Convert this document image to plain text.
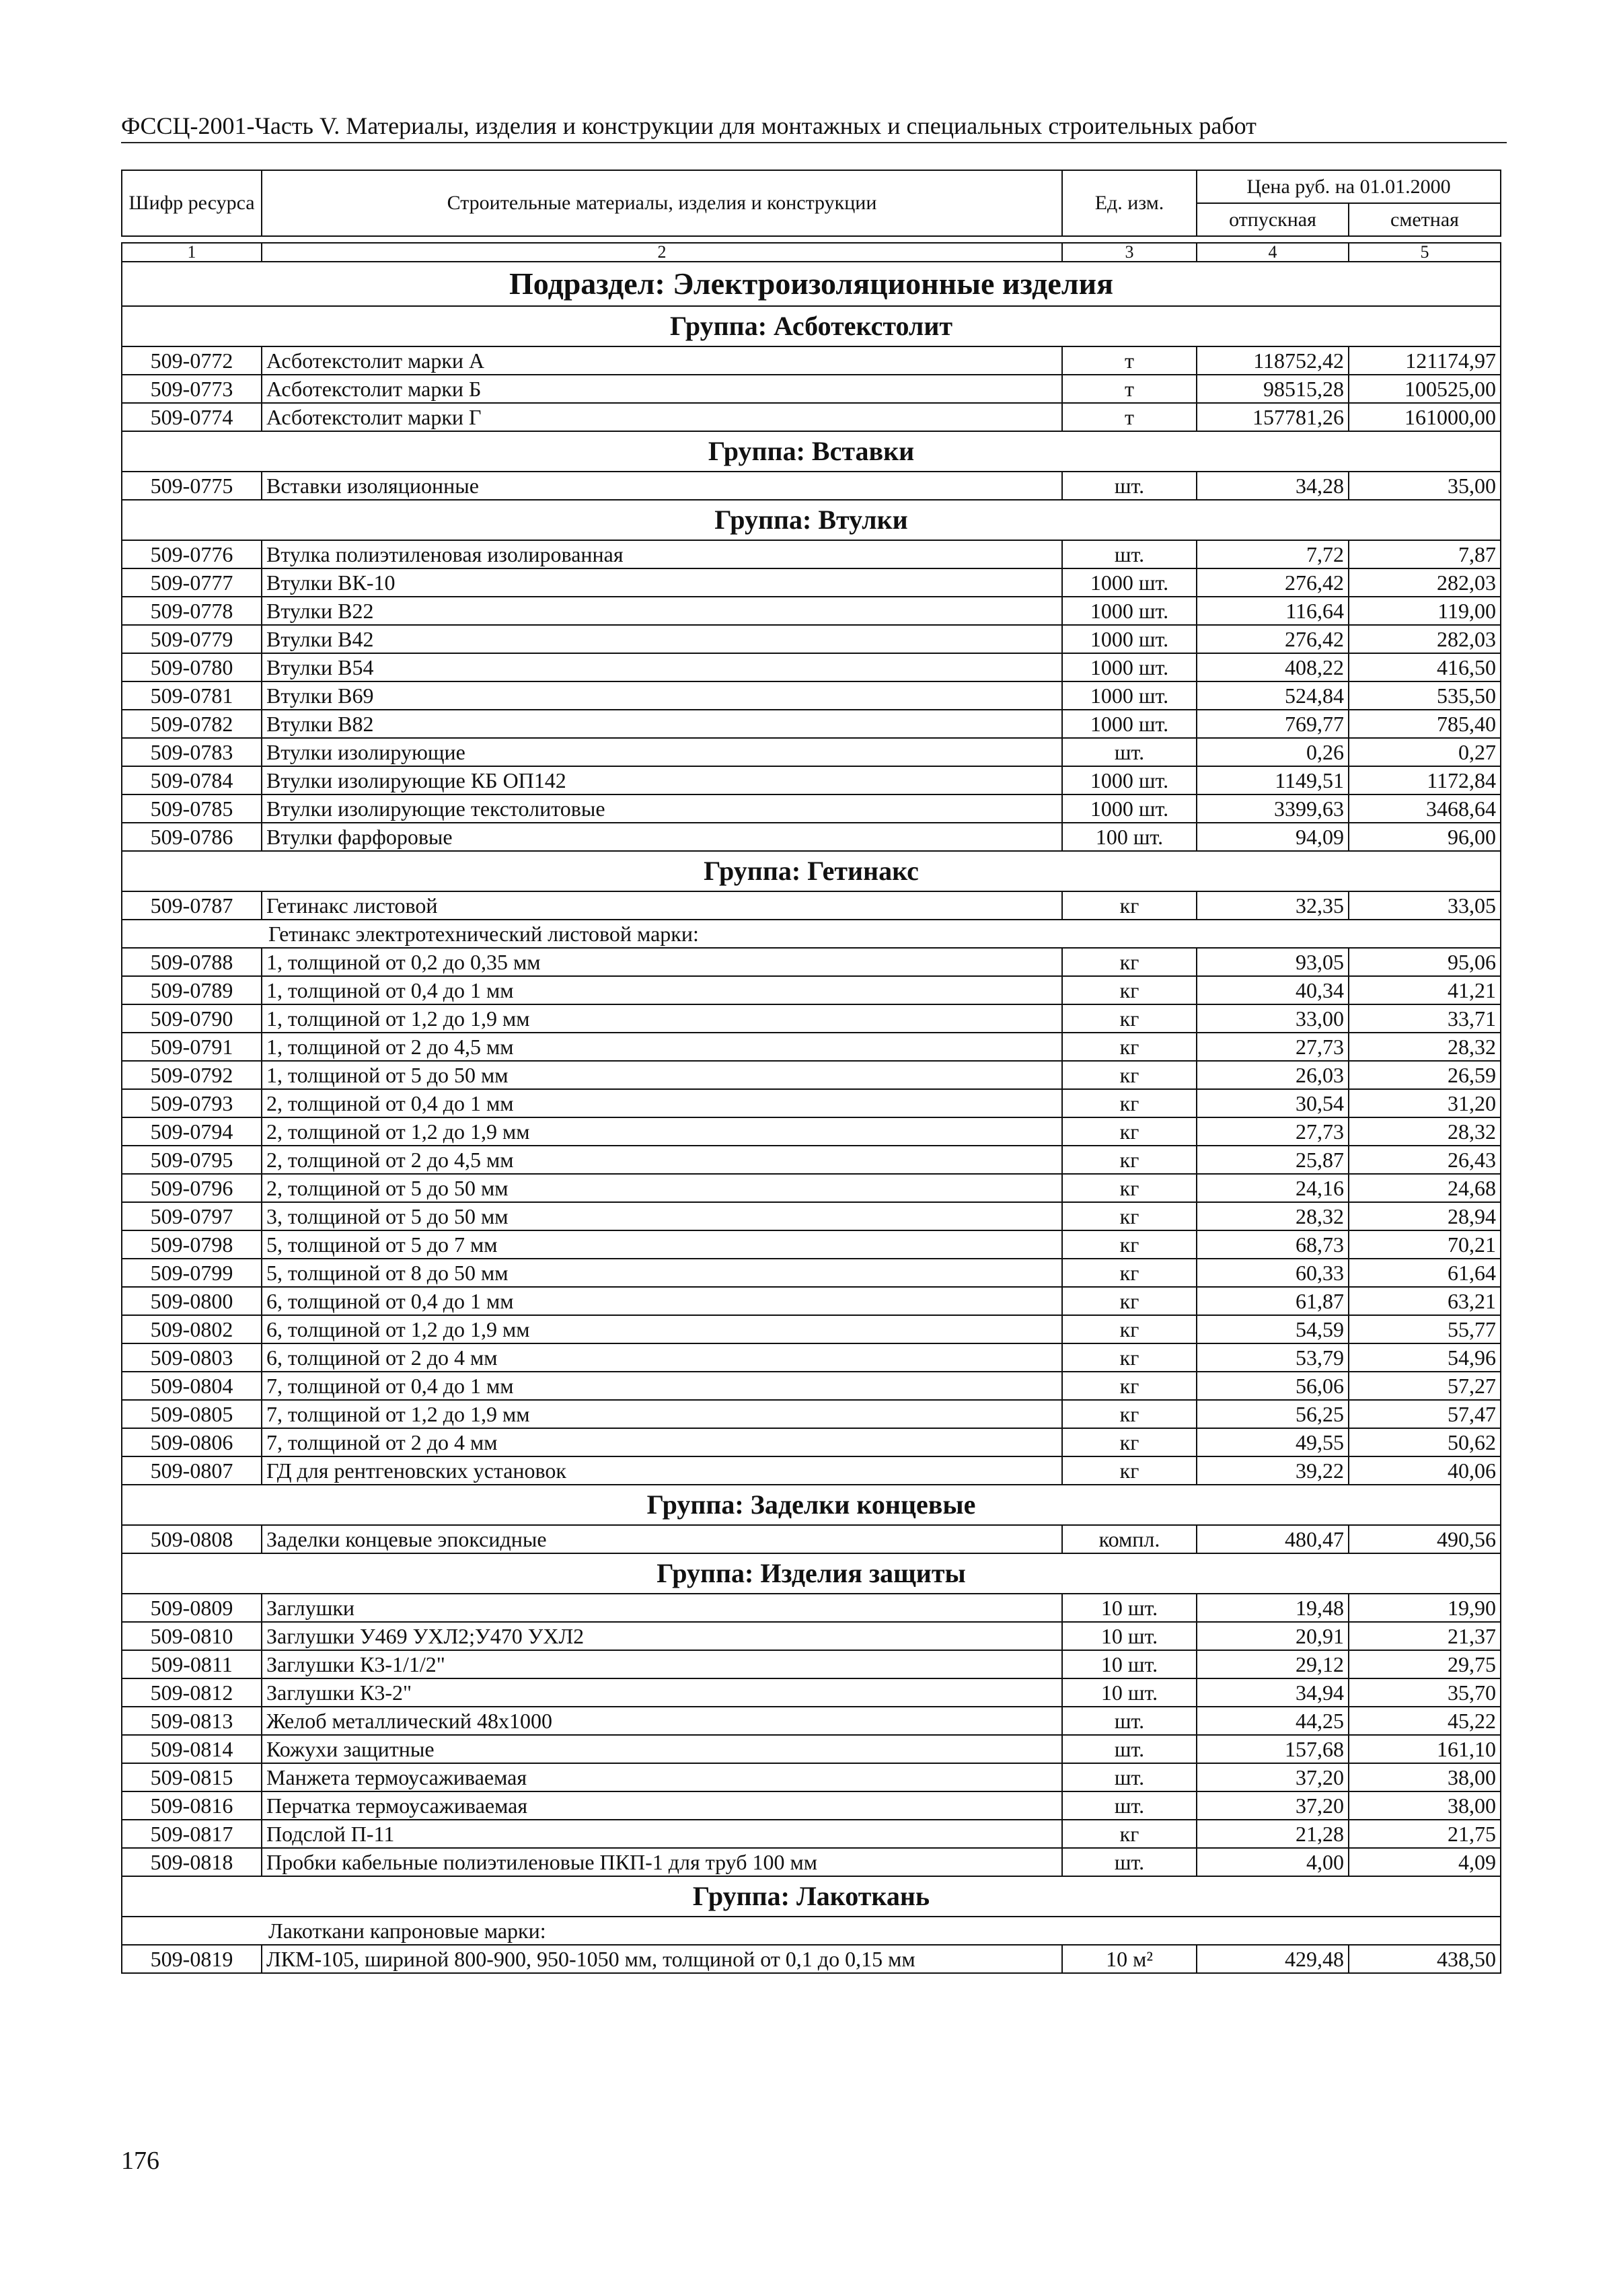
ФССЦ-2001-Часть V. Материалы, изделия и конструкции для монтажных и специальных строительных работ
Шифр ресурса	Строительные материалы, изделия и конструкции	Ед. изм.	Цена руб. на 01.01.2000	
			отпускная	сметная

1	2	3	4	5
Подраздел: Электроизоляционные изделия				
Группа: Асботекстолит				
509-0772	Асботекстолит марки А	т	118752,42	121174,97
509-0773	Асботекстолит марки Б	т	98515,28	100525,00
509-0774	Асботекстолит марки Г	т	157781,26	161000,00
Группа: Вставки				
509-0775	Вставки изоляционные	шт.	34,28	35,00
Группа: Втулки				
509-0776	Втулка полиэтиленовая изолированная	шт.	7,72	7,87
509-0777	Втулки ВК-10	1000 шт.	276,42	282,03
509-0778	Втулки В22	1000 шт.	116,64	119,00
509-0779	Втулки В42	1000 шт.	276,42	282,03
509-0780	Втулки В54	1000 шт.	408,22	416,50
509-0781	Втулки В69	1000 шт.	524,84	535,50
509-0782	Втулки В82	1000 шт.	769,77	785,40
509-0783	Втулки изолирующие	шт.	0,26	0,27
509-0784	Втулки изолирующие КБ ОП142	1000 шт.	1149,51	1172,84
509-0785	Втулки изолирующие текстолитовые	1000 шт.	3399,63	3468,64
509-0786	Втулки фарфоровые	100 шт.	94,09	96,00
Группа: Гетинакс				
509-0787	Гетинакс листовой	кг	32,35	33,05
	Гетинакс электротехнический листовой марки:			
509-0788	1, толщиной от 0,2 до 0,35 мм	кг	93,05	95,06
509-0789	1, толщиной от 0,4 до 1 мм	кг	40,34	41,21
509-0790	1, толщиной от 1,2 до 1,9 мм	кг	33,00	33,71
509-0791	1, толщиной от 2 до 4,5 мм	кг	27,73	28,32
509-0792	1, толщиной от 5 до 50 мм	кг	26,03	26,59
509-0793	2, толщиной от 0,4 до 1 мм	кг	30,54	31,20
509-0794	2, толщиной от 1,2 до 1,9 мм	кг	27,73	28,32
509-0795	2, толщиной от 2 до 4,5 мм	кг	25,87	26,43
509-0796	2, толщиной от 5 до 50 мм	кг	24,16	24,68
509-0797	3, толщиной от 5 до 50 мм	кг	28,32	28,94
509-0798	5, толщиной от 5 до 7 мм	кг	68,73	70,21
509-0799	5, толщиной от 8 до 50 мм	кг	60,33	61,64
509-0800	6, толщиной от 0,4 до 1 мм	кг	61,87	63,21
509-0802	6, толщиной от 1,2 до 1,9 мм	кг	54,59	55,77
509-0803	6, толщиной от 2 до 4 мм	кг	53,79	54,96
509-0804	7, толщиной от 0,4 до 1 мм	кг	56,06	57,27
509-0805	7, толщиной от 1,2 до 1,9 мм	кг	56,25	57,47
509-0806	7, толщиной от 2 до 4 мм	кг	49,55	50,62
509-0807	ГД для рентгеновских установок	кг	39,22	40,06
Группа: Заделки концевые				
509-0808	Заделки концевые эпоксидные	компл.	480,47	490,56
Группа: Изделия защиты				
509-0809	Заглушки	10 шт.	19,48	19,90
509-0810	Заглушки У469 УХЛ2;У470 УХЛ2	10 шт.	20,91	21,37
509-0811	Заглушки К3-1/1/2"	10 шт.	29,12	29,75
509-0812	Заглушки К3-2"	10 шт.	34,94	35,70
509-0813	Желоб металлический 48х1000	шт.	44,25	45,22
509-0814	Кожухи защитные	шт.	157,68	161,10
509-0815	Манжета термоусаживаемая	шт.	37,20	38,00
509-0816	Перчатка термоусаживаемая	шт.	37,20	38,00
509-0817	Подслой П-11	кг	21,28	21,75
509-0818	Пробки кабельные полиэтиленовые ПКП-1 для труб 100 мм	шт.	4,00	4,09
Группа: Лакоткань				
	Лакоткани капроновые марки:			
509-0819	ЛКМ-105, шириной 800-900, 950-1050 мм, толщиной от 0,1 до 0,15 мм	10 м²	429,48	438,50
176
